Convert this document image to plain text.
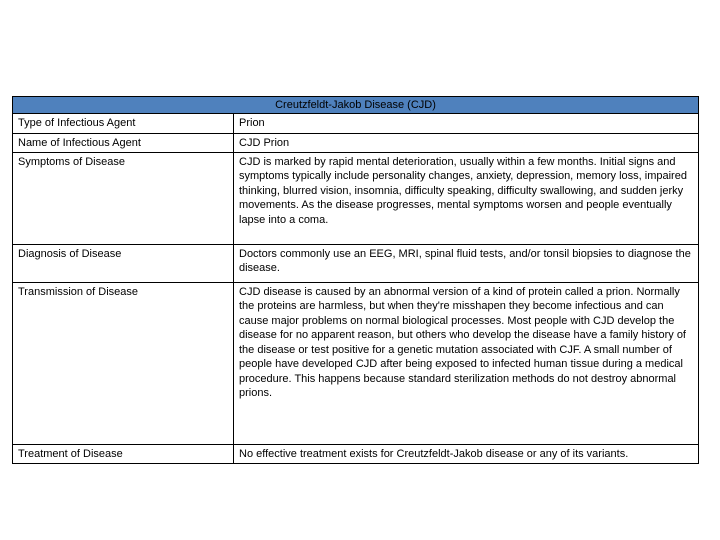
Creutzfeldt-Jakob Disease (CJD)	
Type of Infectious Agent	Prion
Name of Infectious Agent	CJD Prion
Symptoms of Disease	CJD is marked by rapid mental deterioration, usually within a few months. Initial signs and symptoms typically include personality changes, anxiety, depression, memory loss, impaired thinking, blurred vision, insomnia, difficulty speaking, difficulty swallowing, and sudden jerky movements. As the disease progresses, mental symptoms worsen and people eventually lapse into a coma.
Diagnosis of Disease	Doctors commonly use an EEG, MRI, spinal fluid tests, and/or tonsil biopsies to diagnose the disease.
Transmission of Disease	CJD disease is caused by an abnormal version of a kind of protein called a prion. Normally the proteins are harmless, but when they're misshapen they become infectious and can cause major problems on normal biological processes. Most people with CJD develop the disease for no apparent reason, but others who develop the disease have a family history of the disease or test positive for a genetic mutation associated with CJF. A small number of people have developed CJD after being exposed to infected human tissue during a medical procedure. This happens because standard sterilization methods do not destroy abnormal prions.
Treatment of Disease	No effective treatment exists for Creutzfeldt-Jakob disease or any of its variants.
